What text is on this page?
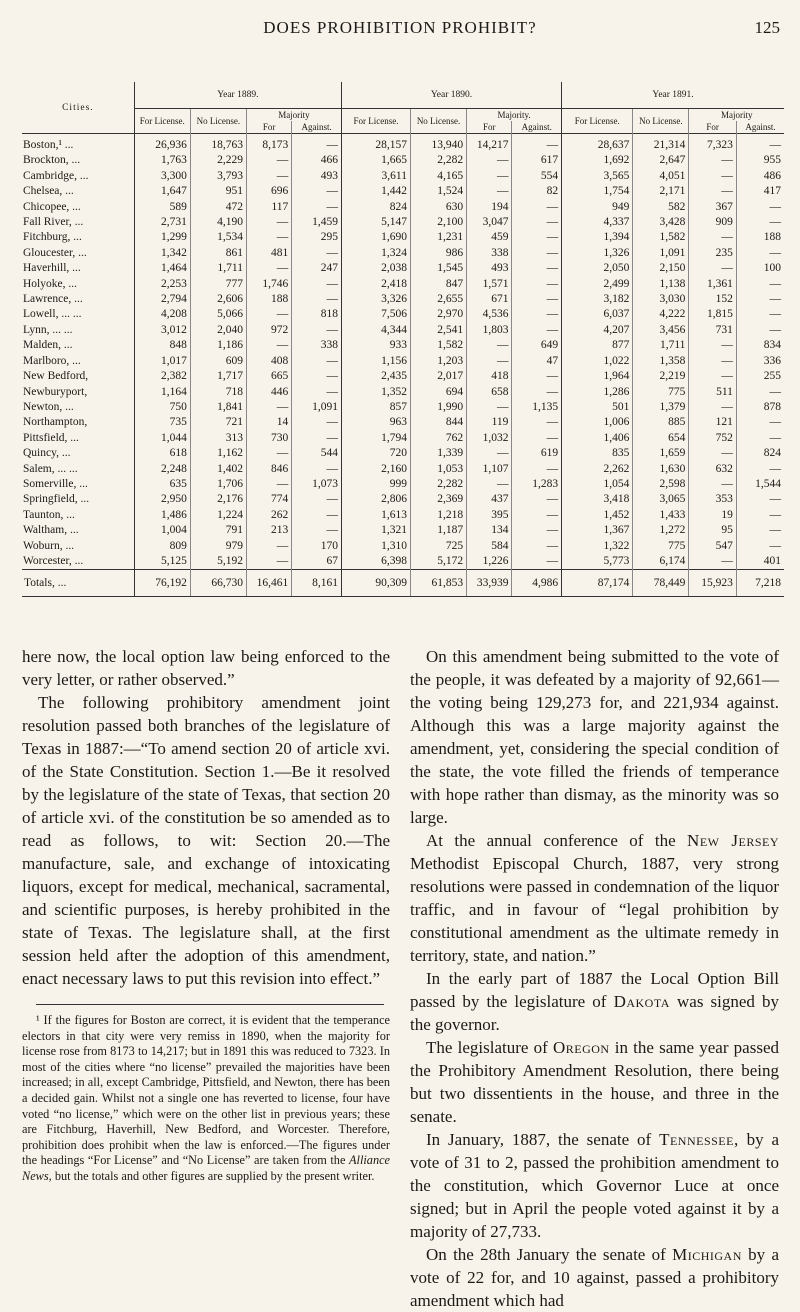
DOES PROHIBITION PROHIBIT?	125
Cities.	Year 1889.				Year 1890.				Year 1891.			
	For License.	No License.	Majority		For License.	No License.	Majority.		For License.	No License.	Majority	
			For	Against.			For	Against.			For	Against.
Boston,¹ ...	26,936	18,763	8,173	—	28,157	13,940	14,217	—	28,637	21,314	7,323	—
Brockton, ...	1,763	2,229	—	466	1,665	2,282	—	617	1,692	2,647	—	955
Cambridge, ...	3,300	3,793	—	493	3,611	4,165	—	554	3,565	4,051	—	486
Chelsea, ...	1,647	951	696	—	1,442	1,524	—	82	1,754	2,171	—	417
Chicopee, ...	589	472	117	—	824	630	194	—	949	582	367	—
Fall River, ...	2,731	4,190	—	1,459	5,147	2,100	3,047	—	4,337	3,428	909	—
Fitchburg, ...	1,299	1,534	—	295	1,690	1,231	459	—	1,394	1,582	—	188
Gloucester, ...	1,342	861	481	—	1,324	986	338	—	1,326	1,091	235	—
Haverhill, ...	1,464	1,711	—	247	2,038	1,545	493	—	2,050	2,150	—	100
Holyoke, ...	2,253	777	1,746	—	2,418	847	1,571	—	2,499	1,138	1,361	—
Lawrence, ...	2,794	2,606	188	—	3,326	2,655	671	—	3,182	3,030	152	—
Lowell, ... ...	4,208	5,066	—	818	7,506	2,970	4,536	—	6,037	4,222	1,815	—
Lynn, ... ...	3,012	2,040	972	—	4,344	2,541	1,803	—	4,207	3,456	731	—
Malden, ...	848	1,186	—	338	933	1,582	—	649	877	1,711	—	834
Marlboro, ...	1,017	609	408	—	1,156	1,203	—	47	1,022	1,358	—	336
New Bedford,	2,382	1,717	665	—	2,435	2,017	418	—	1,964	2,219	—	255
Newburyport,	1,164	718	446	—	1,352	694	658	—	1,286	775	511	—
Newton, ...	750	1,841	—	1,091	857	1,990	—	1,135	501	1,379	—	878
Northampton,	735	721	14	—	963	844	119	—	1,006	885	121	—
Pittsfield, ...	1,044	313	730	—	1,794	762	1,032	—	1,406	654	752	—
Quincy, ...	618	1,162	—	544	720	1,339	—	619	835	1,659	—	824
Salem, ... ...	2,248	1,402	846	—	2,160	1,053	1,107	—	2,262	1,630	632	—
Somerville, ...	635	1,706	—	1,073	999	2,282	—	1,283	1,054	2,598	—	1,544
Springfield, ...	2,950	2,176	774	—	2,806	2,369	437	—	3,418	3,065	353	—
Taunton, ...	1,486	1,224	262	—	1,613	1,218	395	—	1,452	1,433	19	—
Waltham, ...	1,004	791	213	—	1,321	1,187	134	—	1,367	1,272	95	—
Woburn, ...	809	979	—	170	1,310	725	584	—	1,322	775	547	—
Worcester, ...	5,125	5,192	—	67	6,398	5,172	1,226	—	5,773	6,174	—	401
Totals, ...	76,192	66,730	16,461	8,161	90,309	61,853	33,939	4,986	87,174	78,449	15,923	7,218

here now, the local option law being enforced to the very letter, or rather observed.”

The following prohibitory amendment joint resolution passed both branches of the legislature of Texas in 1887:—“To amend section 20 of article xvi. of the State Constitution. Section 1.—Be it resolved by the legislature of the state of Texas, that section 20 of article xvi. of the constitution be so amended as to read as follows, to wit: Section 20.—The manufacture, sale, and exchange of intoxicating liquors, except for medical, mechanical, sacramental, and scientific purposes, is hereby prohibited in the state of Texas. The legislature shall, at the first session held after the adoption of this amendment, enact necessary laws to put this revision into effect.”

¹ If the figures for Boston are correct, it is evident that the temperance electors in that city were very remiss in 1890, when the majority for license rose from 8173 to 14,217; but in 1891 this was reduced to 7323. In most of the cities where “no license” prevailed the majorities have been increased; in all, except Cambridge, Pittsfield, and Newton, there has been a decided gain. Whilst not a single one has reverted to license, four have voted “no license,” which were on the other list in previous years; these are Fitchburg, Haverhill, New Bedford, and Worcester. Therefore, prohibition does prohibit when the law is enforced.—The figures under the headings “For License” and “No License” are taken from the Alliance News, but the totals and other figures are supplied by the present writer.

On this amendment being submitted to the vote of the people, it was defeated by a majority of 92,661—the voting being 129,273 for, and 221,934 against. Although this was a large majority against the amendment, yet, considering the special condition of the state, the vote filled the friends of temperance with hope rather than dismay, as the minority was so large.

At the annual conference of the New Jersey Methodist Episcopal Church, 1887, very strong resolutions were passed in condemnation of the liquor traffic, and in favour of “legal prohibition by constitutional amendment as the ultimate remedy in territory, state, and nation.”

In the early part of 1887 the Local Option Bill passed by the legislature of Dakota was signed by the governor.

The legislature of Oregon in the same year passed the Prohibitory Amendment Resolution, there being but two dissentients in the house, and three in the senate.

In January, 1887, the senate of Tennessee, by a vote of 31 to 2, passed the prohibition amendment to the constitution, which Governor Luce at once signed; but in April the people voted against it by a majority of 27,733.

On the 28th January the senate of Michigan by a vote of 22 for, and 10 against, passed a prohibitory amendment which had
